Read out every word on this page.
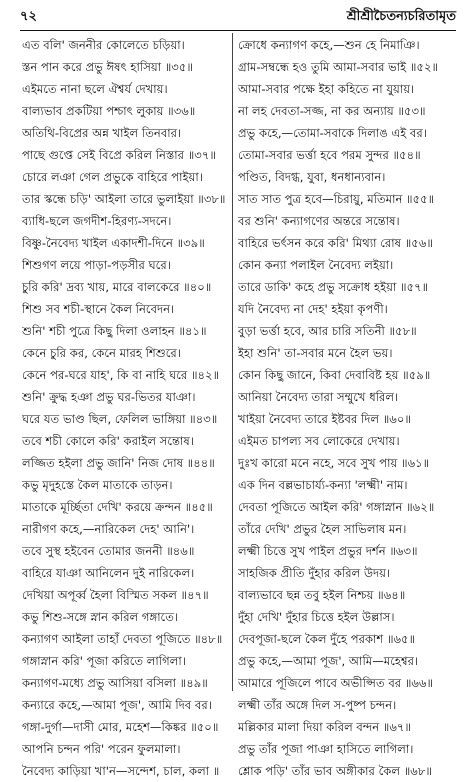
৭২	শ্রীশ্রীচৈতন্যচরিতামৃত
এত বলি' জননীর কোলেতে চড়িয়া।
স্তন পান করে প্রভু ঈষৎ হাসিয়া ॥৩৫॥
এইমতে নানা ছলে ঐশ্বর্য দেখায়।
বাল্যভাব প্রকটিয়া পশ্চাৎ লুকায় ॥৩৬॥
অতিথি-বিপ্রের অন্ন খাইল তিনবার।
পাছে গুপ্তে সেই বিপ্রে করিল নিস্তার ॥৩৭॥
চোরে লঞা গেল প্রভুকে বাহিরে পাইয়া।
তার স্কন্ধে চড়ি' আইলা তারে ভুলাইয়া ॥৩৮॥
ব্যাধি-ছলে জগদীশ-হিরণ্য-সদনে।
বিষ্ণু-নৈবেদ্য খাইল একাদশী-দিনে ॥৩৯॥
শিশুগণ লয়ে পাড়া-পড়সীর ঘরে।
চুরি করি' দ্রব্য খায়, মারে বালকেরে ॥৪০॥
শিশু সব শচী-স্থানে কৈল নিবেদন।
শুনি' শচী পুত্রে কিছু দিলা ওলাহন ॥৪১॥
কেনে চুরি কর, কেনে মারহ শিশুরে।
কেনে পর-ঘরে যাহ', কি বা নাহি ঘরে ॥৪২॥
শুনি' ক্রুদ্ধ হঞা প্রভু ঘর-ভিতর যাঞা।
ঘরে যত ভাণ্ড ছিল, ফেলিল ভাঙ্গিয়া ॥৪৩॥
তবে শচী কোলে করি' করাইল সন্তোষ।
লজ্জিত হইলা প্রভু জানি' নিজ দোষ ॥৪৪॥
কভু মৃদুহস্তে কৈল মাতাকে তাড়ন।
মাতাকে মূর্চ্ছিতা দেখি' করয়ে ক্রন্দন ॥৪৫॥
নারীগণ কহে,—নারিকেল দেহ' আনি'।
তবে সুস্থ হইবেন তোমার জননী ॥৪৬॥
বাহিরে যাঞা আনিলেন দুই নারিকেল।
দেখিয়া অপূর্ব্ব হৈলা বিস্মিত সকল ॥৪৭॥
কভু শিশু-সঙ্গে স্নান করিল গঙ্গাতে।
কন্যাগণ আইলা তাহাঁ দেবতা পূজিতে ॥৪৮॥
গঙ্গাস্নান করি' পূজা করিতে লাগিলা।
কন্যাগণ-মধ্যে প্রভু আসিয়া বসিলা ॥৪৯॥
কন্যারে কহে,—আমা পূজ', আমি দিব বর।
গঙ্গা-দুর্গা—দাসী মোর, মহেশ—কিঙ্কর ॥৫০॥
আপনি চন্দন পরি' পরেন ফুলমালা।
নৈবেদ্য কাড়িয়া খা'ন—সন্দেশ, চাল, কলা ॥
ক্রোধে কন্যাগণ কহে,—শুন হে নিমাঞি।
গ্রাম-সম্বন্ধে হও তুমি আমা-সবার ভাই ॥৫২॥
আমা-সবার পক্ষে ইহা কহিতে না যুয়ায়।
না লহ দেবতা-সজ্জ, না কর অন্যায় ॥৫৩॥
প্রভু কহে,—তোমা-সবাকে দিলাঙ এই বর।
তোমা-সবার ভর্ত্তা হবে পরম সুন্দর ॥৫৪॥
পণ্ডিত, বিদগ্ধ, যুবা, ধনধান্যবান।
সাত সাত পুত্র হবে—চিরায়ু, মতিমান ॥৫৫॥
বর শুনি' কন্যাগণের অন্তরে সন্তোষ।
বাহিরে ভর্ৎসন করে করি' মিথ্যা রোষ ॥৫৬॥
কোন কন্যা পলাইল নৈবেদ্য লইয়া।
তারে ডাকি' কহে প্রভু সক্রোধ হইয়া ॥৫৭॥
যদি নৈবেদ্য না দেহ' হইয়া কৃপণী।
বুড়া ভর্ত্তা হবে, আর চারি সতিনী ॥৫৮॥
ইহা শুনি' তা-সবার মনে হৈল ভয়।
কোন কিছু জানে, কিবা দেবাবিষ্ট হয় ॥৫৯॥
আনিয়া নৈবেদ্য তারা সম্মুখে ধরিল।
খাইয়া নৈবেদ্য তারে ইষ্টবর দিল ॥৬০॥
এইমত চাপল্য সব লোকেরে দেখায়।
দুঃখ কারো মনে নহে, সবে সুখ পায় ॥৬১॥
এক দিন বল্লভাচার্য্য-কন্যা 'লক্ষ্মী' নাম।
দেবতা পূজিতে আইল করি' গঙ্গাস্নান ॥৬২॥
তাঁরে দেখি' প্রভুর হৈল সাভিলাষ মন।
লক্ষ্মী চিত্তে সুখ পাইল প্রভুর দর্শন ॥৬৩॥
সাহজিক প্রীতি দুঁহার করিল উদয়।
বাল্যভাবে ছন্ন তবু হইল নিশ্চয় ॥৬৪॥
দুঁহা দেখি' দুঁহার চিত্তে হইল উল্লাস।
দেবপূজা-ছলে কৈল দুঁহে পরকাশ ॥৬৫॥
প্রভু কহে,—আমা পূজ', আমি—মহেশ্বর।
আমারে পূজিলে পাবে অভীপ্সিত বর ॥৬৬॥
লক্ষ্মী তাঁর অঙ্গে দিল স-পুষ্প চন্দন।
মল্লিকার মালা দিয়া করিল বন্দন ॥৬৭॥
প্রভু তাঁর পূজা পাঞা হাসিতে লাগিলা।
শ্লোক পড়ি' তাঁর ভাব অঙ্গীকার কৈল ॥৬৮॥
